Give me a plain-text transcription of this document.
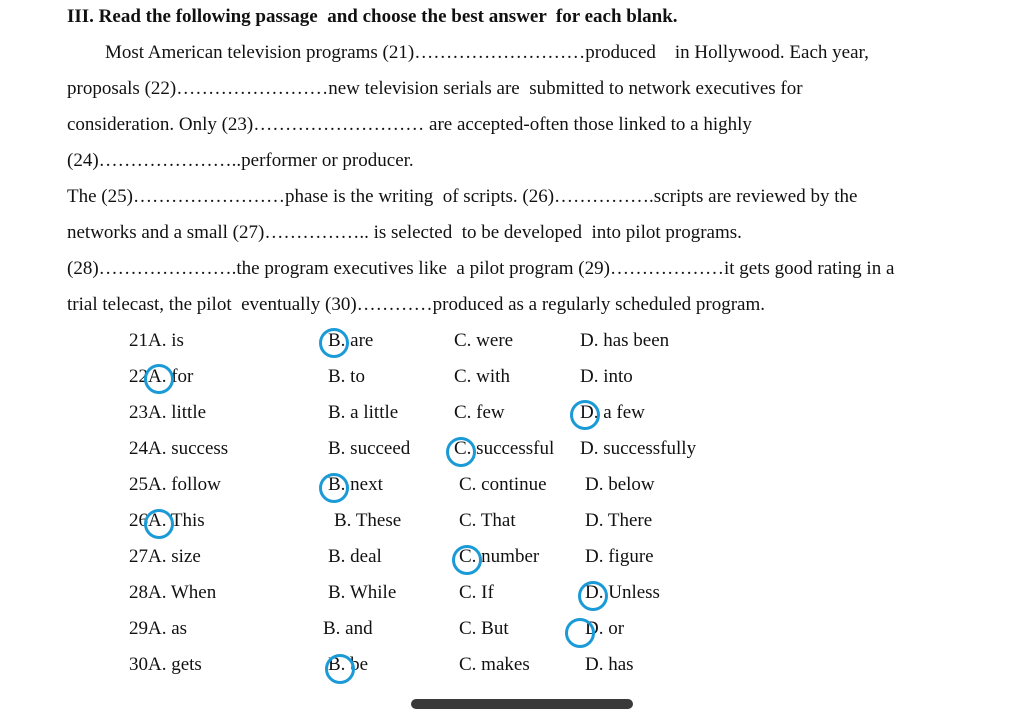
III. Read the following passage  and choose the best answer  for each blank.
Most American television programs (21)………………………produced    in Hollywood. Each year,
proposals (22)……………………new television serials are  submitted to network executives for
consideration. Only (23)……………………… are accepted-often those linked to a highly
(24)…………………..performer or producer.
The (25)……………………phase is the writing  of scripts. (26)…………….scripts are reviewed by the
networks and a small (27)…………….. is selected  to be developed  into pilot programs.
(28)………………….the program executives like  a pilot program (29)………………it gets good rating in a
trial telecast, the pilot  eventually (30)…………produced as a regularly scheduled program.
21A. is	B. are	C. were	D. has been
22A. for	B. to	C. with	D. into
23A. little	B. a little	C. few	D. a few
24A. success	B. succeed C. successful D. successfully
25A. follow	B. next	C. continue D. below
26A. This	B. These	C. That	D. There
27A. size	B. deal	C. number D. figure
28A. When	B. While	C. If	D. Unless
29A. as	B. and	C. But	D. or
30A. gets	B. be	C. makes	D. has
